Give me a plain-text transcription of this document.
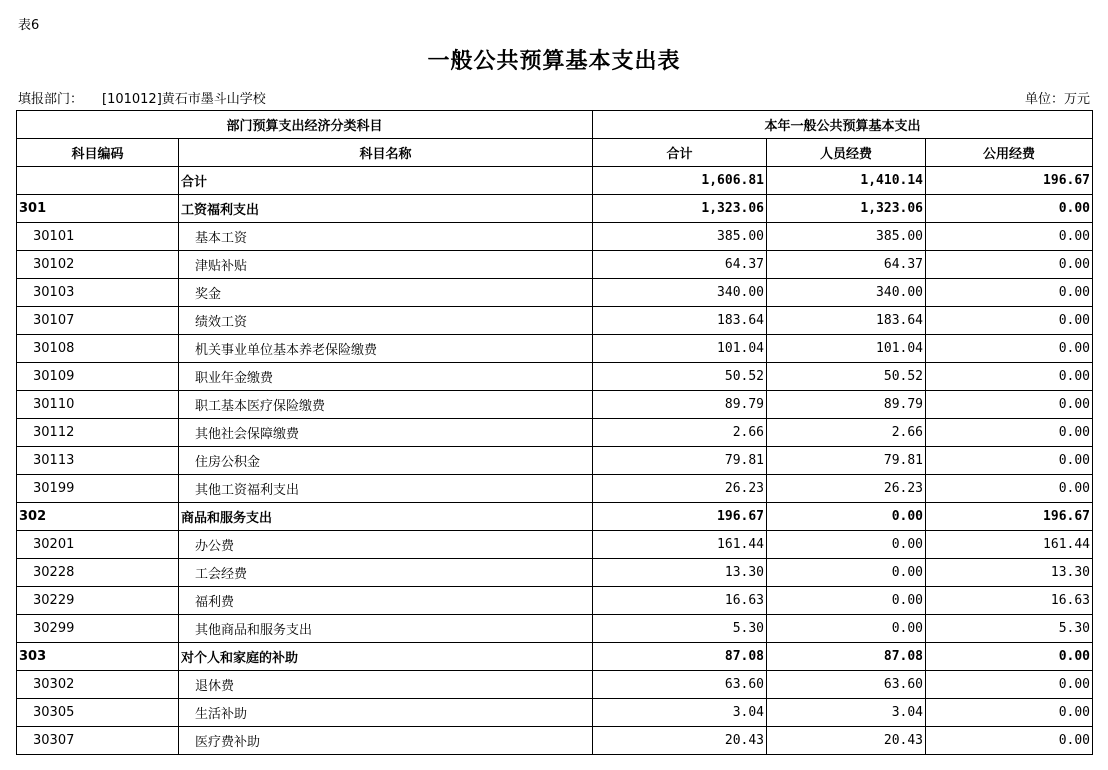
表6
一般公共预算基本支出表
填报部门： [101012]黄石市墨斗山学校	单位：万元
部门预算支出经济分类科目		本年一般公共预算基本支出		
科目编码	科目名称	合计	人员经费	公用经费
	合计	1,606.81	1,410.14	196.67
301	工资福利支出	1,323.06	1,323.06	0.00
30101	基本工资	385.00	385.00	0.00
30102	津贴补贴	64.37	64.37	0.00
30103	奖金	340.00	340.00	0.00
30107	绩效工资	183.64	183.64	0.00
30108	机关事业单位基本养老保险缴费	101.04	101.04	0.00
30109	职业年金缴费	50.52	50.52	0.00
30110	职工基本医疗保险缴费	89.79	89.79	0.00
30112	其他社会保障缴费	2.66	2.66	0.00
30113	住房公积金	79.81	79.81	0.00
30199	其他工资福利支出	26.23	26.23	0.00
302	商品和服务支出	196.67	0.00	196.67
30201	办公费	161.44	0.00	161.44
30228	工会经费	13.30	0.00	13.30
30229	福利费	16.63	0.00	16.63
30299	其他商品和服务支出	5.30	0.00	5.30
303	对个人和家庭的补助	87.08	87.08	0.00
30302	退休费	63.60	63.60	0.00
30305	生活补助	3.04	3.04	0.00
30307	医疗费补助	20.43	20.43	0.00
